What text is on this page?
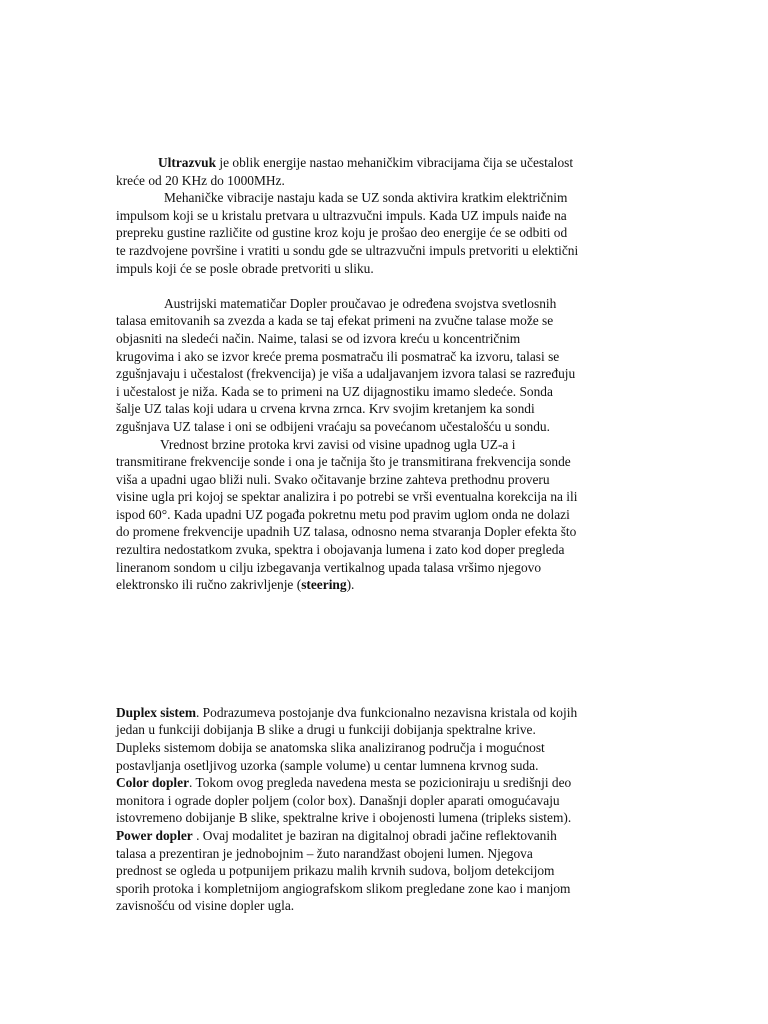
Ultrazvuk je oblik energije nastao mehaničkim vibracijama čija se učestalost
kreće od 20 KHz do 1000MHz.
Mehaničke vibracije nastaju kada se UZ sonda aktivira kratkim električnim
impulsom koji se u kristalu pretvara u ultrazvučni impuls. Kada UZ impuls naiđe na
prepreku gustine različite od gustine kroz koju je prošao deo energije će se odbiti od
te razdvojene površine i vratiti u sondu gde se ultrazvučni impuls pretvoriti u elektični
impuls koji će se posle obrade pretvoriti u sliku.
Austrijski matematičar Dopler proučavao je određena svojstva svetlosnih
talasa emitovanih sa zvezda a kada se taj efekat primeni na zvučne talase može se
objasniti na sledeći način. Naime, talasi se od izvora kreću u koncentričnim
krugovima i ako se izvor kreće prema posmatraču ili posmatrač ka izvoru, talasi se
zgušnjavaju i učestalost (frekvencija) je viša a udaljavanjem izvora talasi se razređuju
i učestalost je niža. Kada se to primeni na UZ dijagnostiku imamo sledeće. Sonda
šalje UZ talas koji udara u crvena krvna zrnca. Krv svojim kretanjem ka sondi
zgušnjava UZ talase i oni se odbijeni vraćaju sa povećanom učestalošću u sondu.
Vrednost brzine protoka krvi zavisi od visine upadnog ugla UZ-a i
transmitirane frekvencije sonde i ona je tačnija što je transmitirana frekvencija sonde
viša a upadni ugao bliži nuli. Svako očitavanje brzine zahteva prethodnu proveru
visine ugla pri kojoj se spektar analizira i po potrebi se vrši eventualna korekcija na ili
ispod 60°. Kada upadni UZ pogađa pokretnu metu pod pravim uglom onda ne dolazi
do promene frekvencije upadnih UZ talasa, odnosno nema stvaranja Dopler efekta što
rezultira nedostatkom zvuka, spektra i obojavanja lumena i zato kod doper pregleda
lineranom sondom u cilju izbegavanja vertikalnog upada talasa vršimo njegovo
elektronsko ili ručno zakrivljenje (steering).
Duplex sistem. Podrazumeva postojanje dva funkcionalno nezavisna kristala od kojih
jedan u funkciji dobijanja B slike a drugi u funkciji dobijanja spektralne krive.
Dupleks sistemom dobija se anatomska slika analiziranog područja i mogućnost
postavljanja osetljivog uzorka (sample volume) u centar lumnena krvnog suda.
Color dopler. Tokom ovog pregleda navedena mesta se pozicioniraju u središnji deo
monitora i ograde dopler poljem (color box). Današnji dopler aparati omogućavaju
istovremeno dobijanje B slike, spektralne krive i obojenosti lumena (tripleks sistem).
Power dopler . Ovaj modalitet je baziran na digitalnoj obradi jačine reflektovanih
talasa a prezentiran je jednobojnim – žuto narandžast obojeni lumen. Njegova
prednost se ogleda u potpunijem prikazu malih krvnih sudova, boljom detekcijom
sporih protoka i kompletnijom angiografskom slikom pregledane zone kao i manjom
zavisnošću od visine dopler ugla.
